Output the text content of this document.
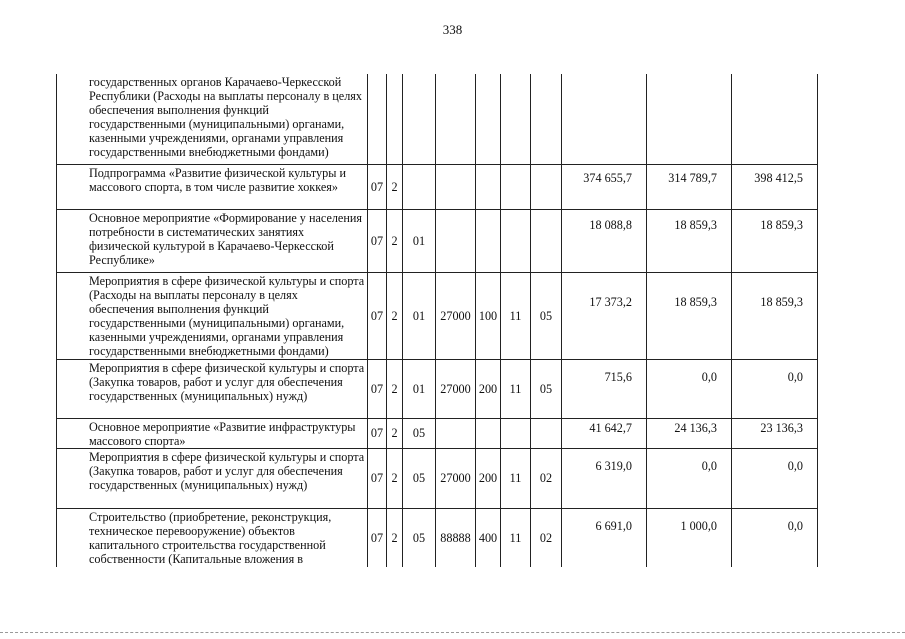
338
государственных органов Карачаево-Черкесской Республики (Расходы на выплаты персоналу в целях обеспечения выполнения функций государственными (муниципальными) органами, казенными учреждениями, органами управления государственными внебюджетными фондами)										
Подпрограмма «Развитие физической культуры и массового спорта, в том числе развитие хоккея»	07	2						374 655,7	314 789,7	398 412,5
Основное мероприятие «Формирование у населения потребности в систематических занятиях физической культурой в Карачаево-Черкесской Республике»	07	2	01					18 088,8	18 859,3	18 859,3
Мероприятия в сфере физической культуры и спорта (Расходы на выплаты персоналу в целях обеспечения выполнения функций государственными (муниципальными) органами, казенными учреждениями, органами управления государственными внебюджетными фондами)	07	2	01	27000	100	11	05	17 373,2	18 859,3	18 859,3
Мероприятия в сфере физической культуры и спорта (Закупка товаров, работ и услуг для обеспечения государственных (муниципальных) нужд)	07	2	01	27000	200	11	05	715,6	0,0	0,0
Основное мероприятие «Развитие инфраструктуры массового спорта»	07	2	05					41 642,7	24 136,3	23 136,3
Мероприятия в сфере физической культуры и спорта (Закупка товаров, работ и услуг для обеспечения государственных (муниципальных) нужд)	07	2	05	27000	200	11	02	6 319,0	0,0	0,0
Строительство (приобретение, реконструкция, техническое перевооружение) объектов капитального строительства государственной собственности (Капитальные вложения в	07	2	05	88888	400	11	02	6 691,0	1 000,0	0,0
